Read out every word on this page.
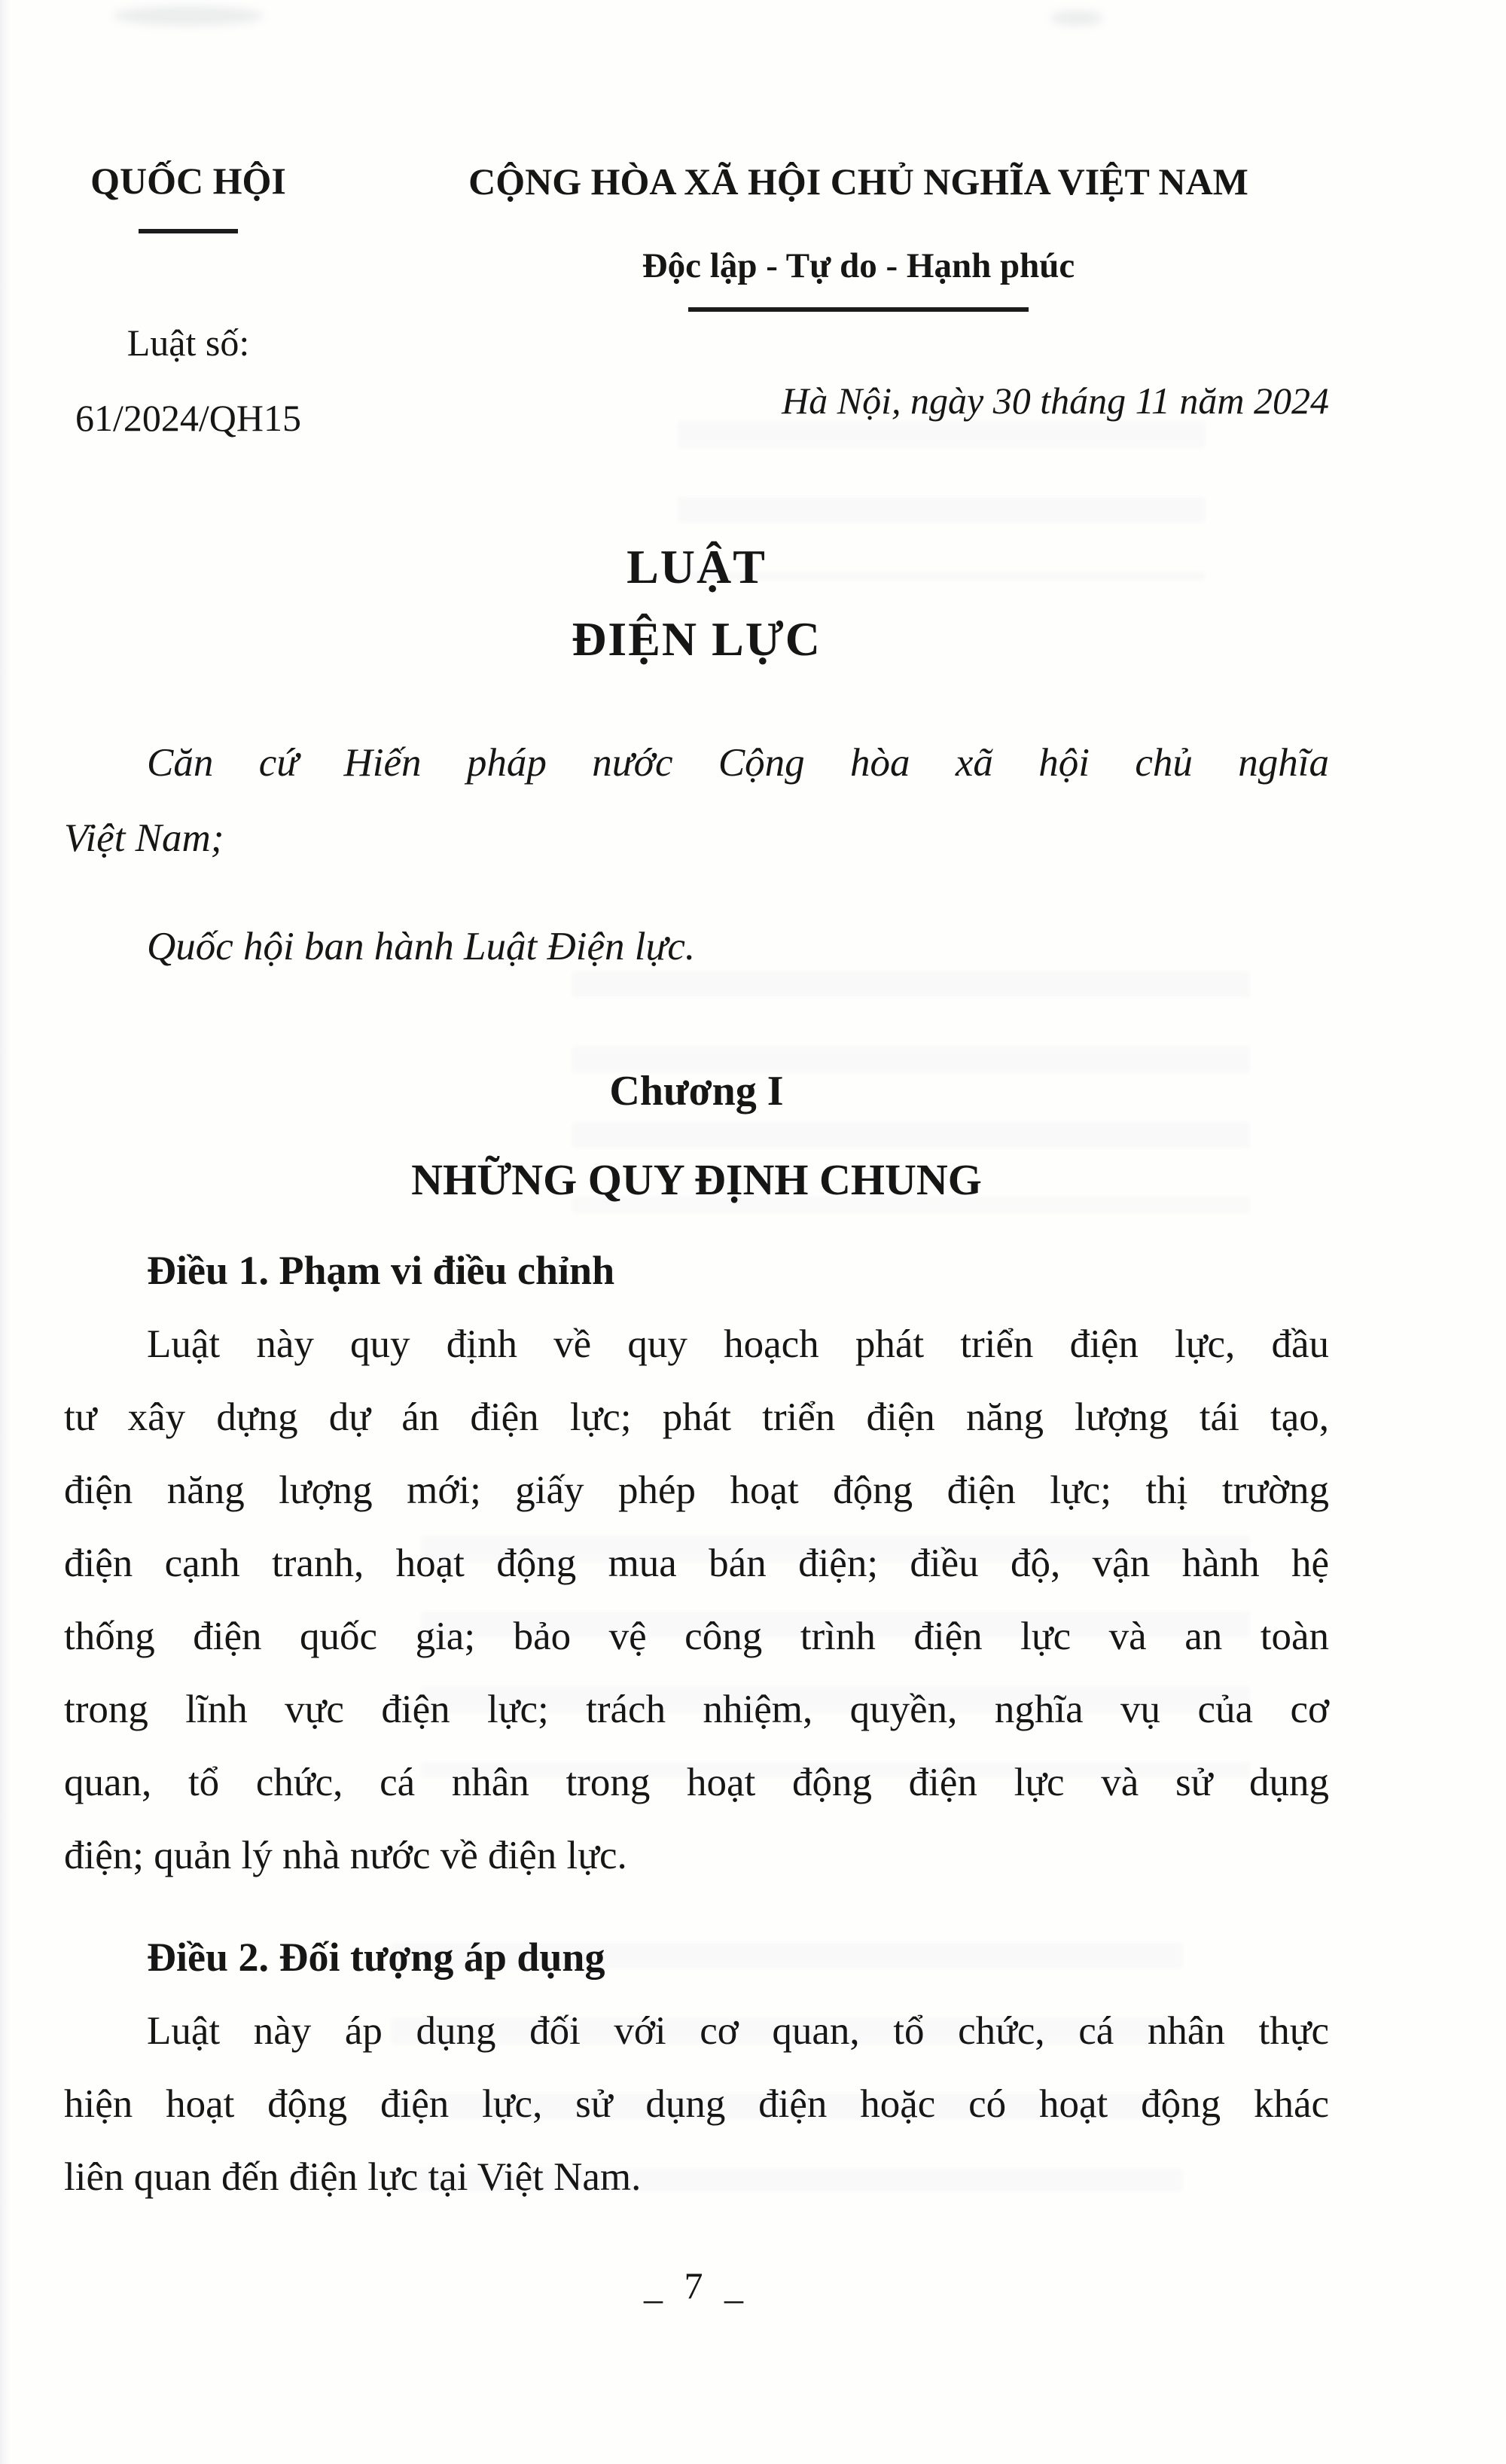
QUỐC HỘI
Luật số:
61/2024/QH15
CỘNG HÒA XÃ HỘI CHỦ NGHĨA VIỆT NAM
Độc lập - Tự do - Hạnh phúc
Hà Nội, ngày 30 tháng 11 năm 2024
LUẬT
ĐIỆN LỰC
Căn cứ Hiến pháp nước Cộng hòa xã hội chủ nghĩa
Việt Nam;
Quốc hội ban hành Luật Điện lực.
Chương I
NHỮNG QUY ĐỊNH CHUNG
Điều 1. Phạm vi điều chỉnh
Luật này quy định về quy hoạch phát triển điện lực, đầu
tư xây dựng dự án điện lực; phát triển điện năng lượng tái tạo,
điện năng lượng mới; giấy phép hoạt động điện lực; thị trường
điện cạnh tranh, hoạt động mua bán điện; điều độ, vận hành hệ
thống điện quốc gia; bảo vệ công trình điện lực và an toàn
trong lĩnh vực điện lực; trách nhiệm, quyền, nghĩa vụ của cơ
quan, tổ chức, cá nhân trong hoạt động điện lực và sử dụng
điện; quản lý nhà nước về điện lực.
Điều 2. Đối tượng áp dụng
Luật này áp dụng đối với cơ quan, tổ chức, cá nhân thực
hiện hoạt động điện lực, sử dụng điện hoặc có hoạt động khác
liên quan đến điện lực tại Việt Nam.
_ 7 _
